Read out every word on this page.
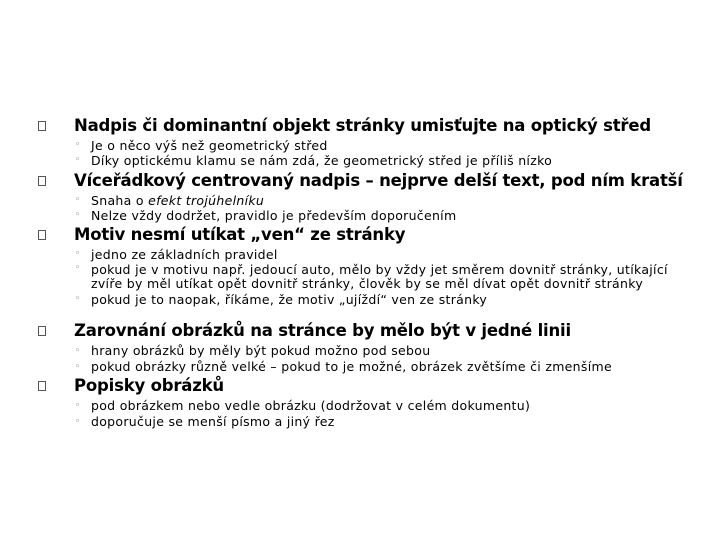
Nadpis či dominantní objekt stránky umisťujte na optický střed
◦ Je o něco výš než geometrický střed
◦ Díky optickému klamu se nám zdá, že geometrický střed je příliš nízko
Víceřádkový centrovaný nadpis – nejprve delší text, pod ním kratší
◦ Snaha o efekt trojúhelníku
◦ Nelze vždy dodržet, pravidlo je především doporučením
Motiv nesmí utíkat „ven“ ze stránky
◦ jedno ze základních pravidel
◦ pokud je v motivu např. jedoucí auto, mělo by vždy jet směrem dovnitř stránky, utíkající zvíře by měl utíkat opět dovnitř stránky, člověk by se měl dívat opět dovnitř stránky
◦ pokud je to naopak, říkáme, že motiv „ujíždí“ ven ze stránky
Zarovnání obrázků na stránce by mělo být v jedné linii
◦ hrany obrázků by měly být pokud možno pod sebou
◦ pokud obrázky různě velké – pokud to je možné, obrázek zvětšíme či zmenšíme
Popisky obrázků
◦ pod obrázkem nebo vedle obrázku (dodržovat v celém dokumentu)
◦ doporučuje se menší písmo a jiný řez
